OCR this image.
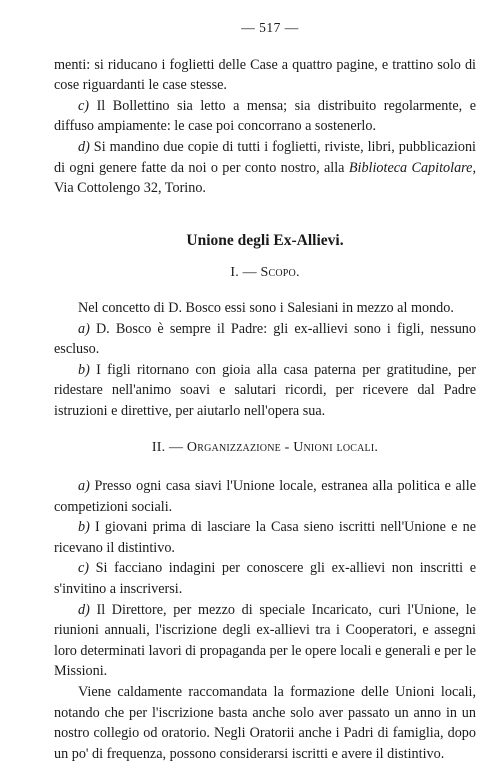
— 517 —

menti: si riducano i foglietti delle Case a quattro pagine, e trattino solo di cose riguardanti le case stesse.

c) Il Bollettino sia letto a mensa; sia distribuito regolarmente, e diffuso ampiamente: le case poi concorrano a sostenerlo.

d) Si mandino due copie di tutti i foglietti, riviste, libri, pubblicazioni di ogni genere fatte da noi o per conto nostro, alla Biblioteca Capitolare, Via Cottolengo 32, Torino.

Unione degli Ex-Allievi.
I. — Scopo.

Nel concetto di D. Bosco essi sono i Salesiani in mezzo al mondo.

a) D. Bosco è sempre il Padre: gli ex-allievi sono i figli, nessuno escluso.

b) I figli ritornano con gioia alla casa paterna per gratitudine, per ridestare nell'animo soavi e salutari ricordi, per ricevere dal Padre istruzioni e direttive, per aiutarlo nell'opera sua.

II. — Organizzazione - Unioni locali.

a) Presso ogni casa siavi l'Unione locale, estranea alla politica e alle competizioni sociali.

b) I giovani prima di lasciare la Casa sieno iscritti nell'Unione e ne ricevano il distintivo.

c) Si facciano indagini per conoscere gli ex-allievi non inscritti e s'invitino a inscriversi.

d) Il Direttore, per mezzo di speciale Incaricato, curi l'Unione, le riunioni annuali, l'iscrizione degli ex-allievi tra i Cooperatori, e assegni loro determinati lavori di propaganda per le opere locali e generali e per le Missioni.

Viene caldamente raccomandata la formazione delle Unioni locali, notando che per l'iscrizione basta anche solo aver passato un anno in un nostro collegio od oratorio. Negli Oratorii anche i Padri di famiglia, dopo un po' di frequenza, possono considerarsi iscritti e avere il distintivo.
